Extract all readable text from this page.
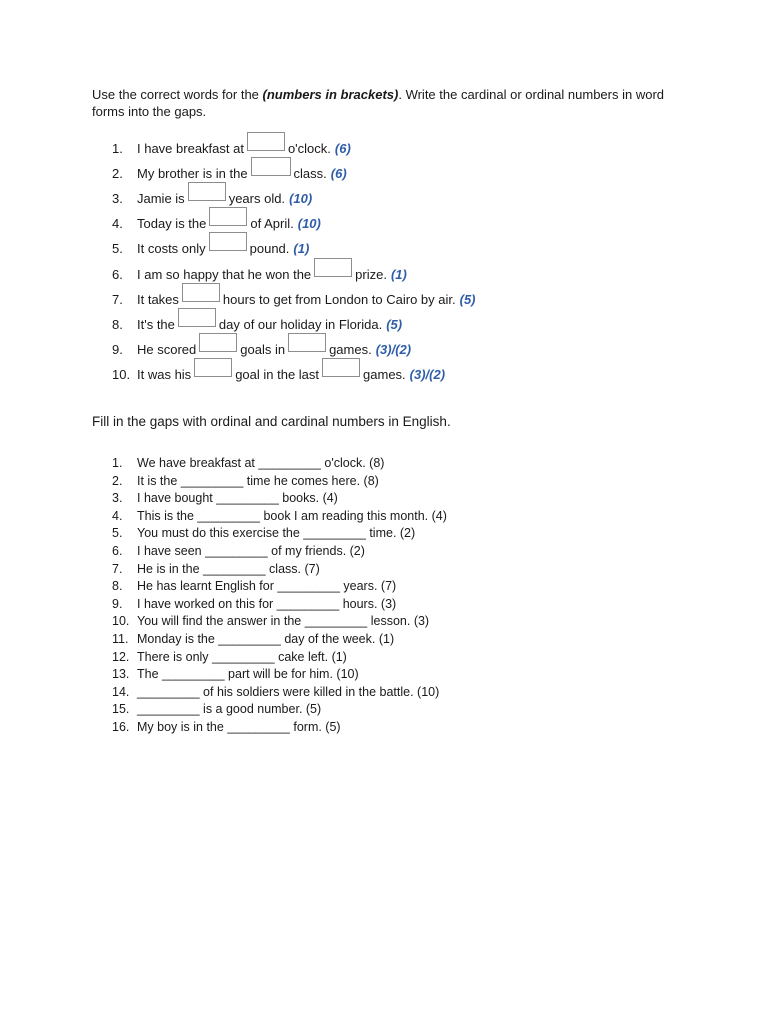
Use the correct words for the (numbers in brackets). Write the cardinal or ordinal numbers in word forms into the gaps.
1.	I have breakfast at	o'clock. (6)
2.	My brother is in the	class. (6)
3.	Jamie is	years old. (10)
4.	Today is the	of April. (10)
5.	It costs only	pound. (1)
6.	I am so happy that he won the	prize. (1)
7.	It takes	hours to get from London to Cairo by air. (5)
8.	It's the	day of our holiday in Florida. (5)
9.	He scored	goals in	games. (3)/(2)
10. It was his	goal in the last	games. (3)/(2)
Fill in the gaps with ordinal and cardinal numbers in English.
1. We have breakfast at _________ o'clock. (8)
2. It is the _________ time he comes here. (8)
3. I have bought _________ books. (4)
4. This is the _________ book I am reading this month. (4)
5. You must do this exercise the _________ time. (2)
6. I have seen _________ of my friends. (2)
7. He is in the _________ class. (7)
8. He has learnt English for _________ years. (7)
9. I have worked on this for _________ hours. (3)
10. You will find the answer in the _________ lesson. (3)
11. Monday is the _________ day of the week. (1)
12. There is only _________ cake left. (1)
13. The _________ part will be for him. (10)
14. _________ of his soldiers were killed in the battle. (10)
15. _________ is a good number. (5)
16. My boy is in the _________ form. (5)
